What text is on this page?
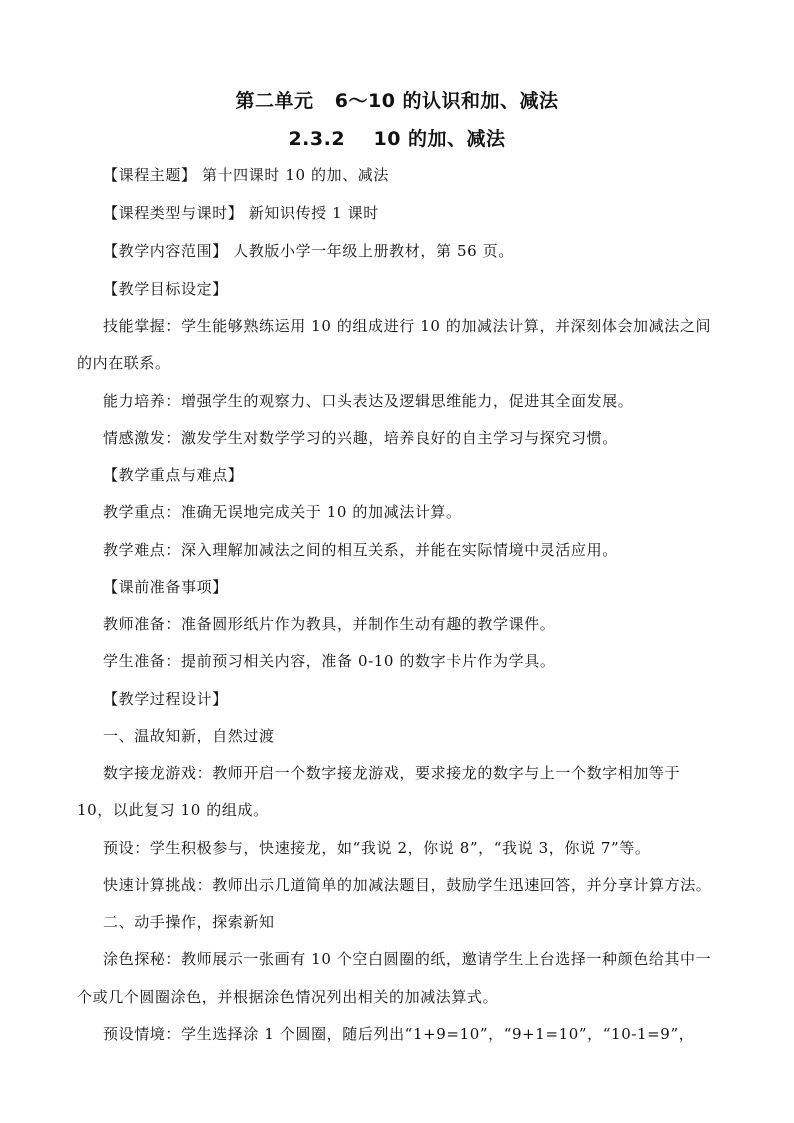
第二单元   6～10 的认识和加、减法
2.3.2    10 的加、减法
【课程主题】 第十四课时 10 的加、减法
【课程类型与课时】 新知识传授 1 课时
【教学内容范围】 人教版小学一年级上册教材，第 56 页。
【教学目标设定】
技能掌握：学生能够熟练运用 10 的组成进行 10 的加减法计算，并深刻体会加减法之间
的内在联系。
能力培养：增强学生的观察力、口头表达及逻辑思维能力，促进其全面发展。
情感激发：激发学生对数学学习的兴趣，培养良好的自主学习与探究习惯。
【教学重点与难点】
教学重点：准确无误地完成关于 10 的加减法计算。
教学难点：深入理解加减法之间的相互关系，并能在实际情境中灵活应用。
【课前准备事项】
教师准备：准备圆形纸片作为教具，并制作生动有趣的教学课件。
学生准备：提前预习相关内容，准备 0-10 的数字卡片作为学具。
【教学过程设计】
一、温故知新，自然过渡
数字接龙游戏：教师开启一个数字接龙游戏，要求接龙的数字与上一个数字相加等于
10，以此复习 10 的组成。
预设：学生积极参与，快速接龙，如“我说 2，你说 8”，“我说 3，你说 7”等。
快速计算挑战：教师出示几道简单的加减法题目，鼓励学生迅速回答，并分享计算方法。
二、动手操作，探索新知
涂色探秘：教师展示一张画有 10 个空白圆圈的纸，邀请学生上台选择一种颜色给其中一
个或几个圆圈涂色，并根据涂色情况列出相关的加减法算式。
预设情境：学生选择涂 1 个圆圈，随后列出“1+9=10”，“9+1=10”，“10-1=9”，
